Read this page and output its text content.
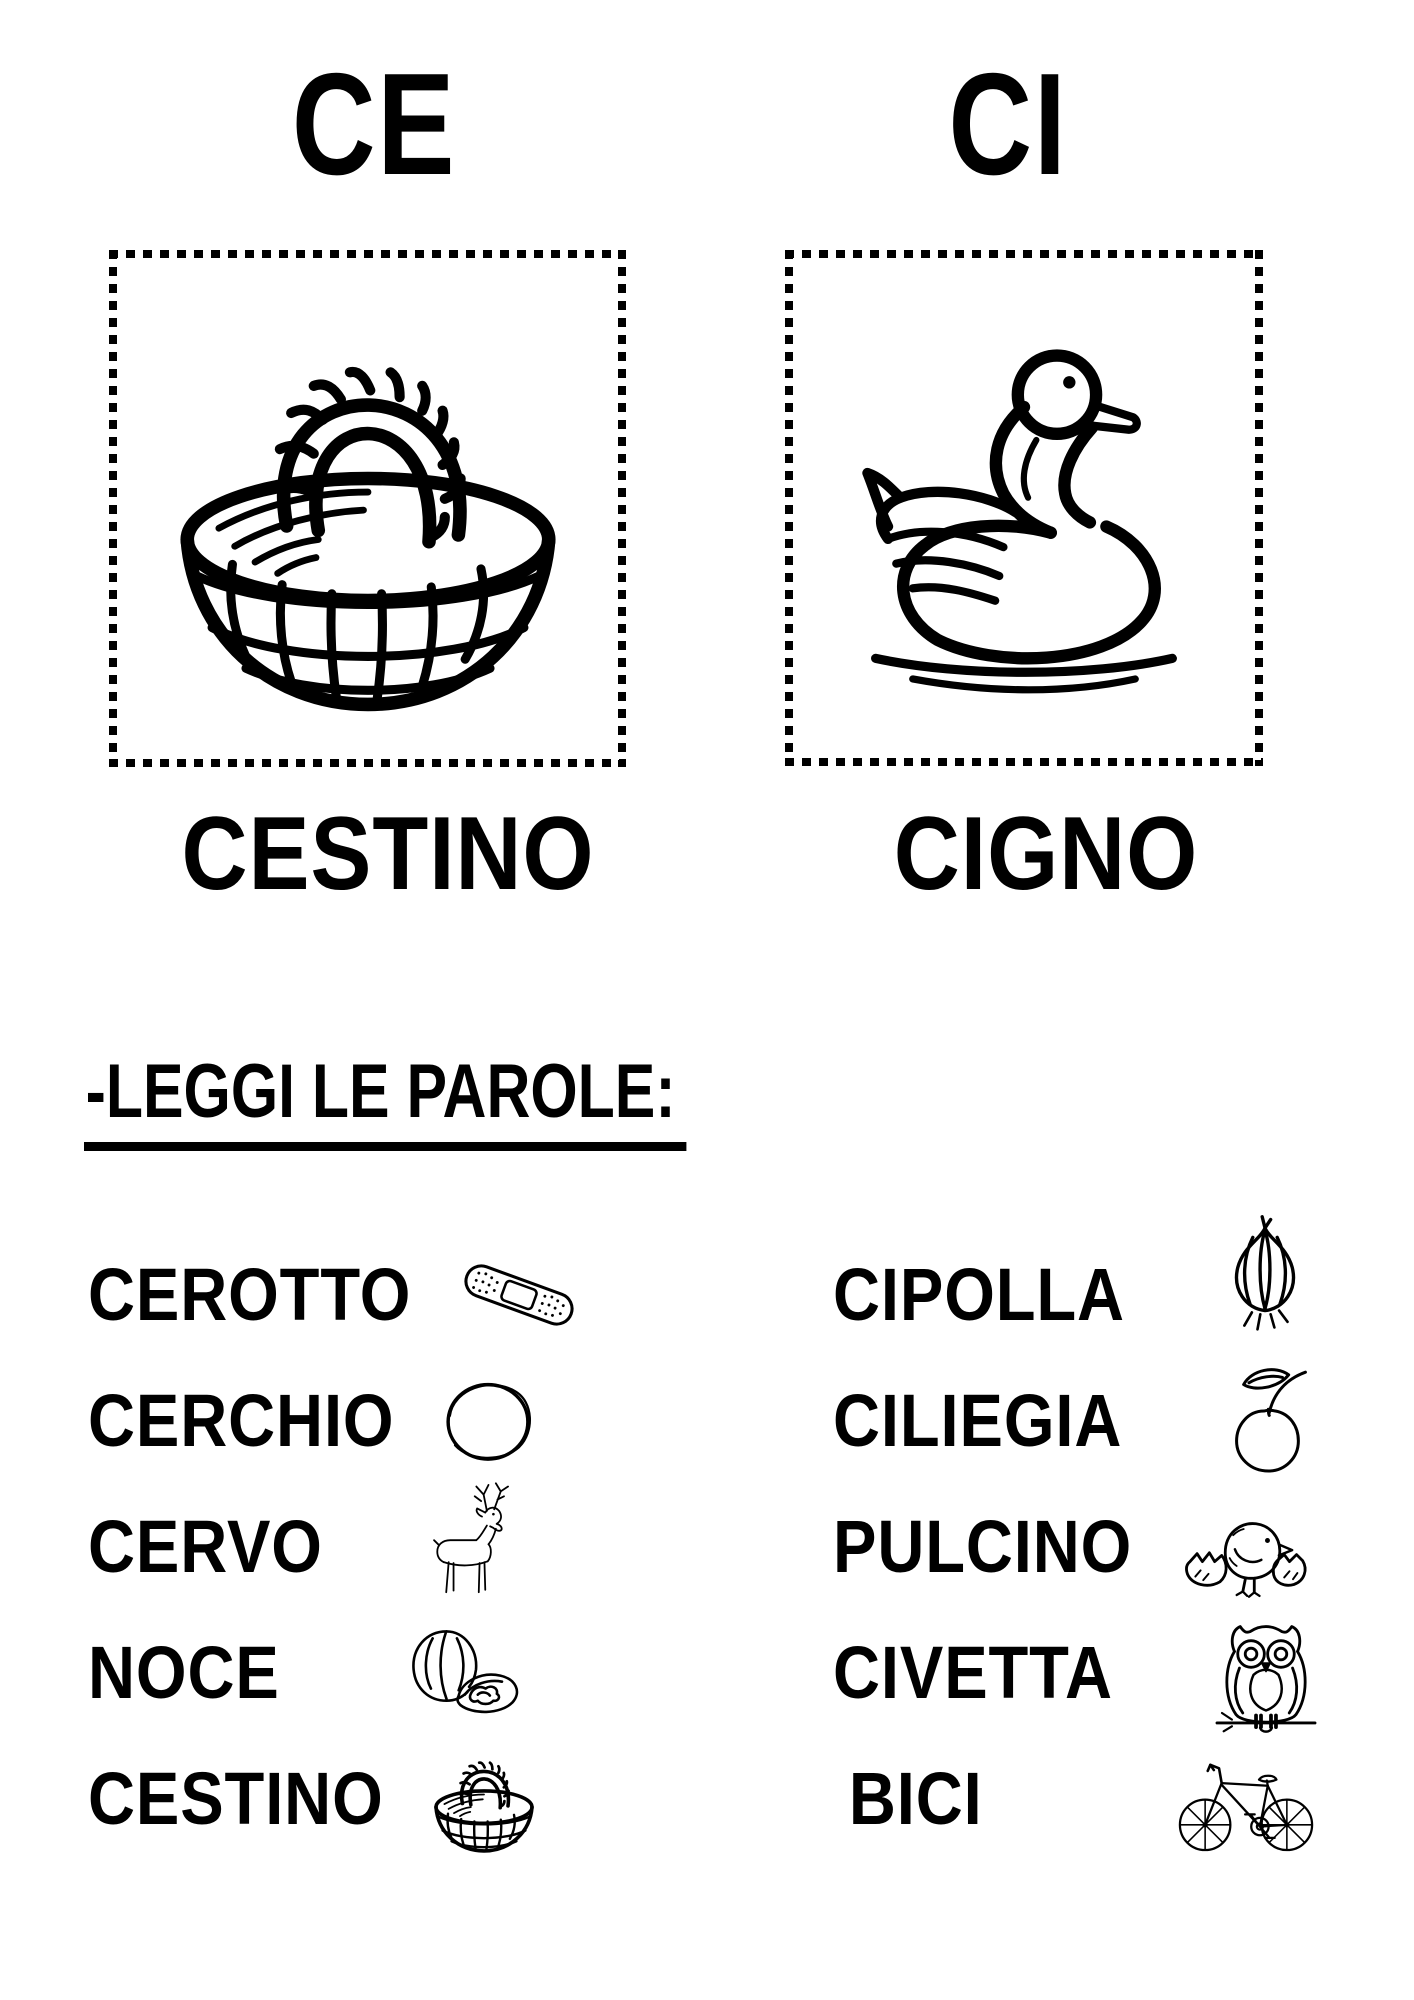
CE	CI
CESTINO	CIGNO
-LEGGI LE PAROLE:
CEROTTO
CERCHIO
CERVO
NOCE
CESTINO
CIPOLLA
CILIEGIA
PULCINO
CIVETTA
BICI
